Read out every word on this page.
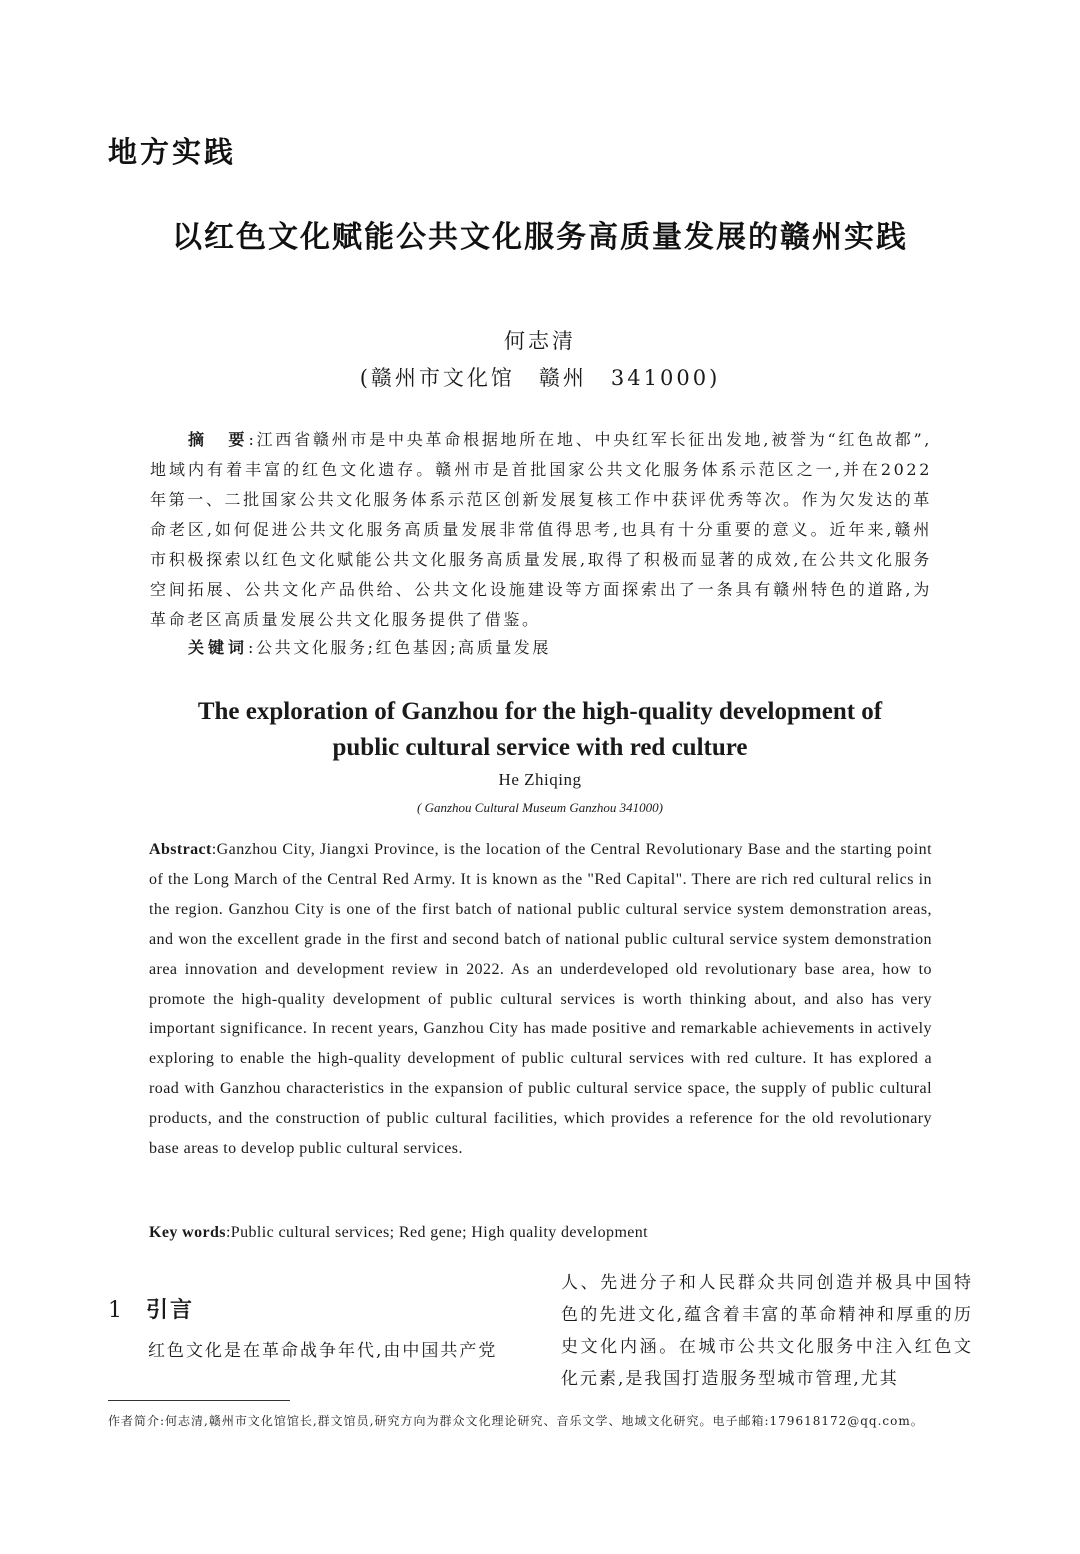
地方实践
以红色文化赋能公共文化服务高质量发展的赣州实践
何志清
(赣州市文化馆　赣州　341000)

摘　要:江西省赣州市是中央革命根据地所在地、中央红军长征出发地,被誉为“红色故都”,地域内有着丰富的红色文化遗存。赣州市是首批国家公共文化服务体系示范区之一,并在2022年第一、二批国家公共文化服务体系示范区创新发展复核工作中获评优秀等次。作为欠发达的革命老区,如何促进公共文化服务高质量发展非常值得思考,也具有十分重要的意义。近年来,赣州市积极探索以红色文化赋能公共文化服务高质量发展,取得了积极而显著的成效,在公共文化服务空间拓展、公共文化产品供给、公共文化设施建设等方面探索出了一条具有赣州特色的道路,为革命老区高质量发展公共文化服务提供了借鉴。

关键词:公共文化服务;红色基因;高质量发展

The exploration of Ganzhou for the high-quality development of
public cultural service with red culture
He Zhiqing
( Ganzhou Cultural Museum Ganzhou 341000)

Abstract:Ganzhou City, Jiangxi Province, is the location of the Central Revolutionary Base and the starting point of the Long March of the Central Red Army. It is known as the "Red Capital". There are rich red cultural relics in the region. Ganzhou City is one of the first batch of national public cultural service system demonstration areas, and won the excellent grade in the first and second batch of national public cultural service system demonstration area innovation and development review in 2022. As an underdeveloped old revolutionary base area, how to promote the high-quality development of public cultural services is worth thinking about, and also has very important significance. In recent years, Ganzhou City has made positive and remarkable achievements in actively exploring to enable the high-quality development of public cultural services with red culture. It has explored a road with Ganzhou characteristics in the expansion of public cultural service space, the supply of public cultural products, and the construction of public cultural facilities, which provides a reference for the old revolutionary base areas to develop public cultural services.

Key words:Public cultural services; Red gene; High quality development

1 引言

红色文化是在革命战争年代,由中国共产党

人、先进分子和人民群众共同创造并极具中国特色的先进文化,蕴含着丰富的革命精神和厚重的历史文化内涵。在城市公共文化服务中注入红色文化元素,是我国打造服务型城市管理,尤其

作者简介:何志清,赣州市文化馆馆长,群文馆员,研究方向为群众文化理论研究、音乐文学、地域文化研究。电子邮箱:179618172@qq.com。
